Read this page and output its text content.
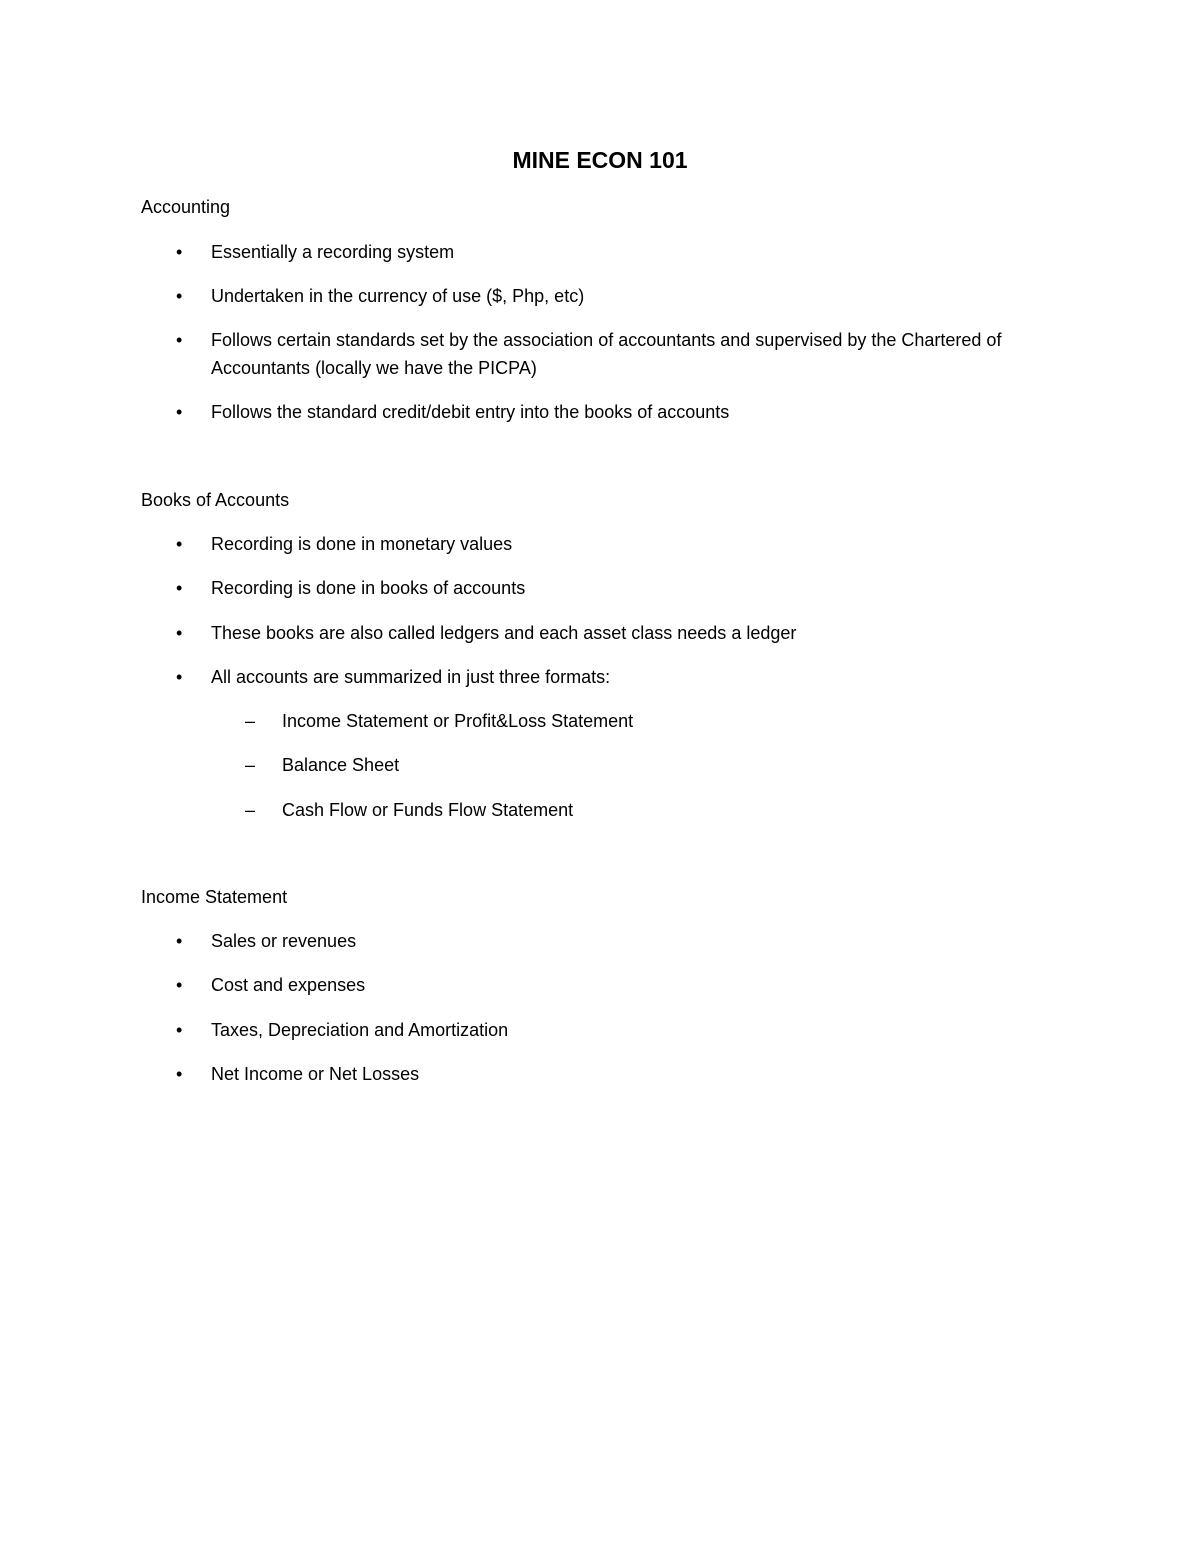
MINE ECON 101
Accounting
•	Essentially a recording system
•	Undertaken in the currency of use ($, Php, etc)
•	Follows certain standards set by the association of accountants and supervised by the Chartered of Accountants (locally we have the PICPA)
•	Follows the standard credit/debit entry into the books of accounts
Books of Accounts
•	Recording is done in monetary values
•	Recording is done in books of accounts
•	These books are also called ledgers and each asset class needs a ledger
•	All accounts are summarized in just three formats:
– Income Statement or Profit&Loss Statement
– Balance Sheet
– Cash Flow or Funds Flow Statement
Income Statement
•	Sales or revenues
•	Cost and expenses
•	Taxes, Depreciation and Amortization
•	Net Income or Net Losses
